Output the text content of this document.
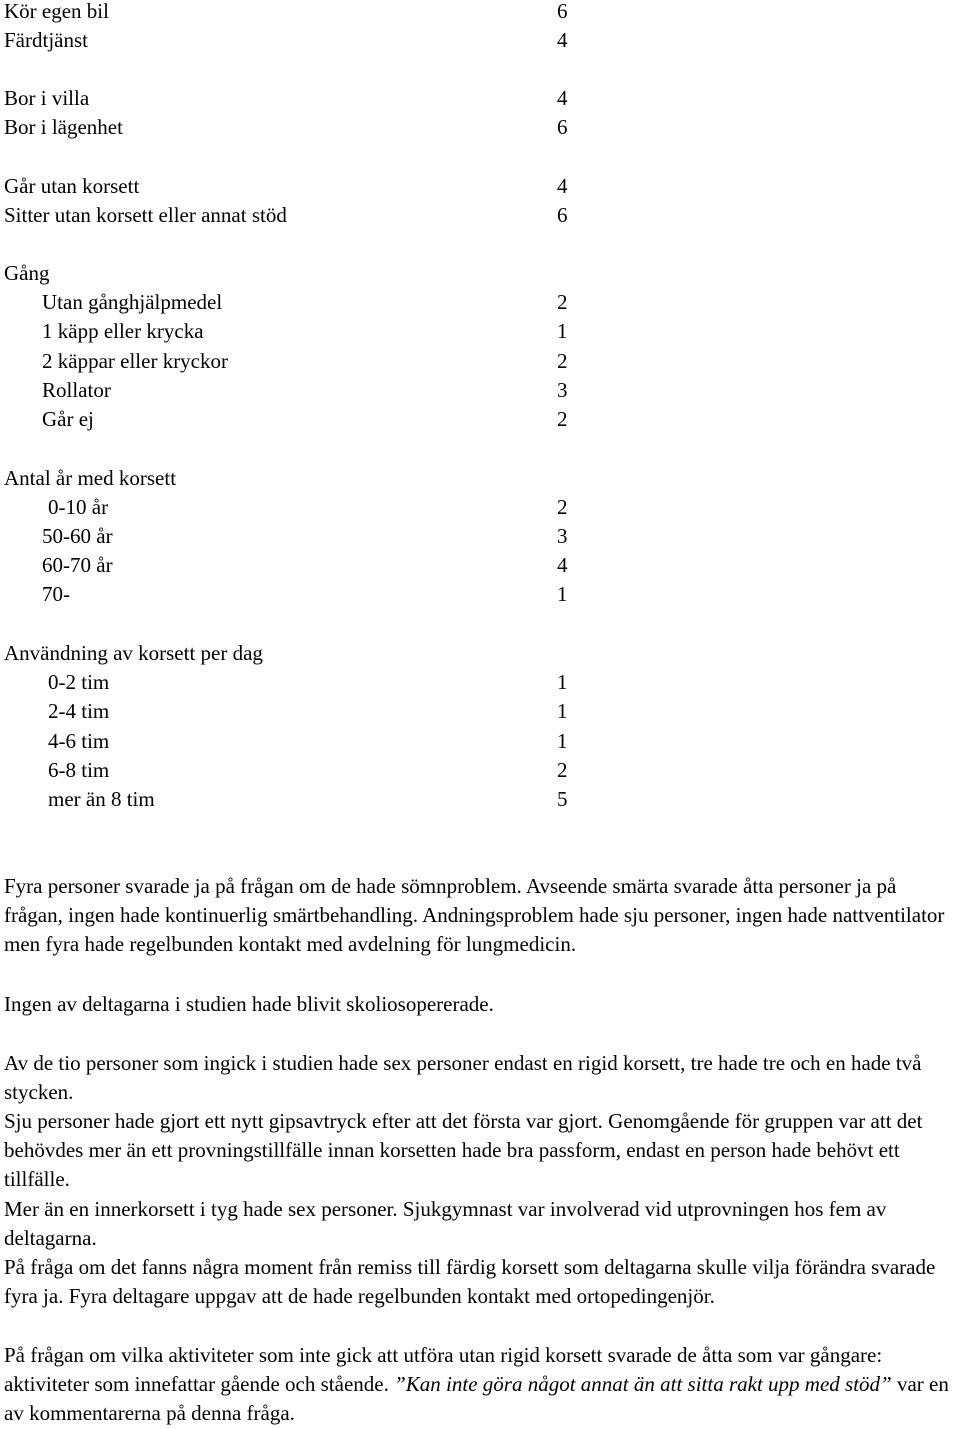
Kör egen bil	6
Färdtjänst	4
Bor i villa	4
Bor i lägenhet	6
Går utan korsett	4
Sitter utan korsett eller annat stöd	6
Gång
Utan gånghjälpmedel	2
1 käpp eller krycka	1
2 käppar eller kryckor	2
Rollator	3
Går ej	2
Antal år med korsett
0-10 år	2
50-60 år	3
60-70 år	4
70-	1
Användning av korsett per dag
0-2 tim	1
2-4 tim	1
4-6 tim	1
6-8 tim	2
mer än 8 tim	5

Fyra personer svarade ja på frågan om de hade sömnproblem. Avseende smärta svarade åtta personer ja på frågan, ingen hade kontinuerlig smärtbehandling. Andningsproblem hade sju personer, ingen hade nattventilator men fyra hade regelbunden kontakt med avdelning för lungmedicin.

Ingen av deltagarna i studien hade blivit skoliosopererade.

Av de tio personer som ingick i studien hade sex personer endast en rigid korsett, tre hade tre och en hade två stycken.

Sju personer hade gjort ett nytt gipsavtryck efter att det första var gjort. Genomgående för gruppen var att det behövdes mer än ett provningstillfälle innan korsetten hade bra passform, endast en person hade behövt ett tillfälle.

Mer än en innerkorsett i tyg hade sex personer. Sjukgymnast var involverad vid utprovningen hos fem av deltagarna.

På fråga om det fanns några moment från remiss till färdig korsett som deltagarna skulle vilja förändra svarade fyra ja. Fyra deltagare uppgav att de hade regelbunden kontakt med ortopedingenjör.

På frågan om vilka aktiviteter som inte gick att utföra utan rigid korsett svarade de åtta som var gångare: aktiviteter som innefattar gående och stående. ”Kan inte göra något annat än att sitta rakt upp med stöd” var en av kommentarerna på denna fråga.
